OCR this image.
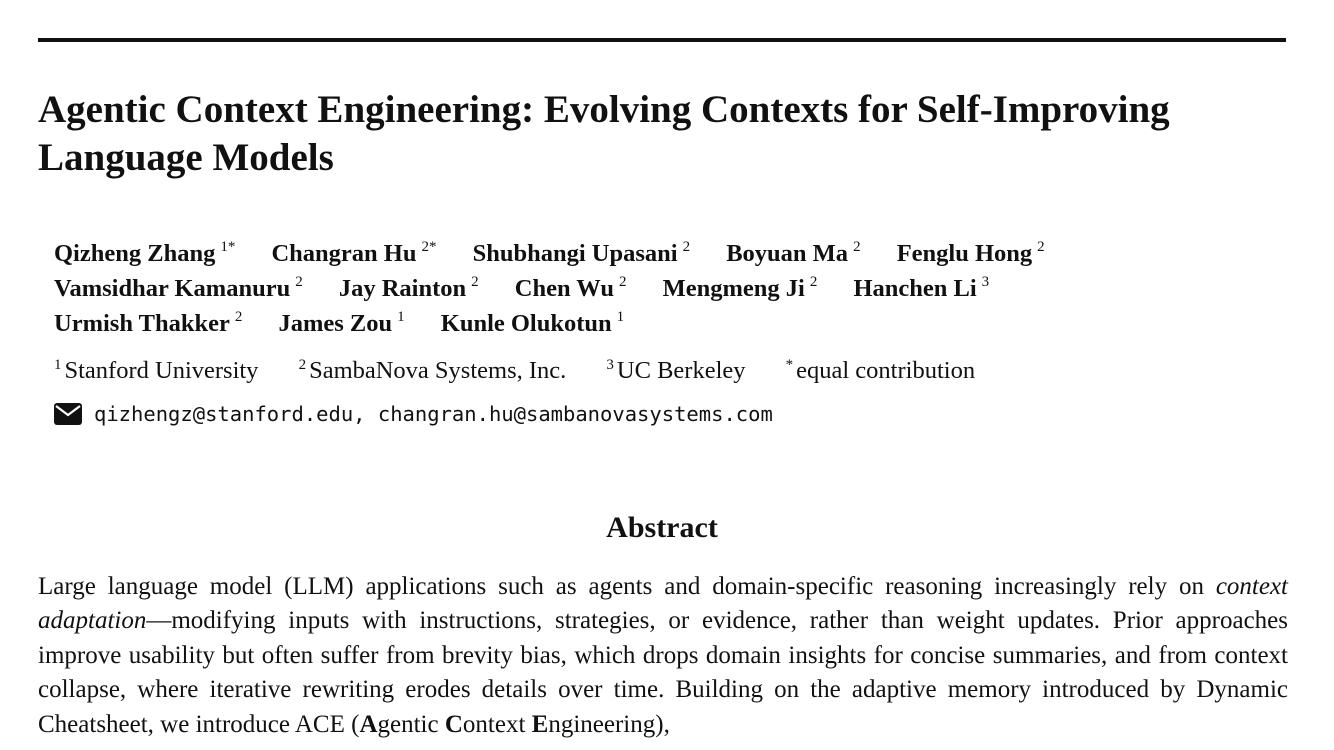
Agentic Context Engineering: Evolving Contexts for Self-Improving Language Models
Qizheng Zhang $^{1*}$ Changran Hu $^{2*}$ Shubhangi Upasani $^2$ Boyuan Ma $^2$ Fenglu Hong $^2$
Vamsidhar Kamanuru $^2$ Jay Rainton $^2$ Chen Wu $^2$ Mengmeng Ji $^2$ Hanchen Li $^3$
Urmish Thakker $^2$ James Zou $^1$ Kunle Olukotun $^1$
$^1$ Stanford University	$^2$ SambaNova Systems, Inc.	$^3$ UC Berkeley	* equal contribution
qizhengz@stanford.edu, changran.hu@sambanovasystems.com
Abstract

Large language model (LLM) applications such as agents and domain-specific reasoning increasingly rely on context adaptation—modifying inputs with instructions, strategies, or evidence, rather than weight updates. Prior approaches improve usability but often suffer from brevity bias, which drops domain insights for concise summaries, and from context collapse, where iterative rewriting erodes details over time. Building on the adaptive memory introduced by Dynamic Cheatsheet, we introduce ACE (Agentic Context Engineering),
